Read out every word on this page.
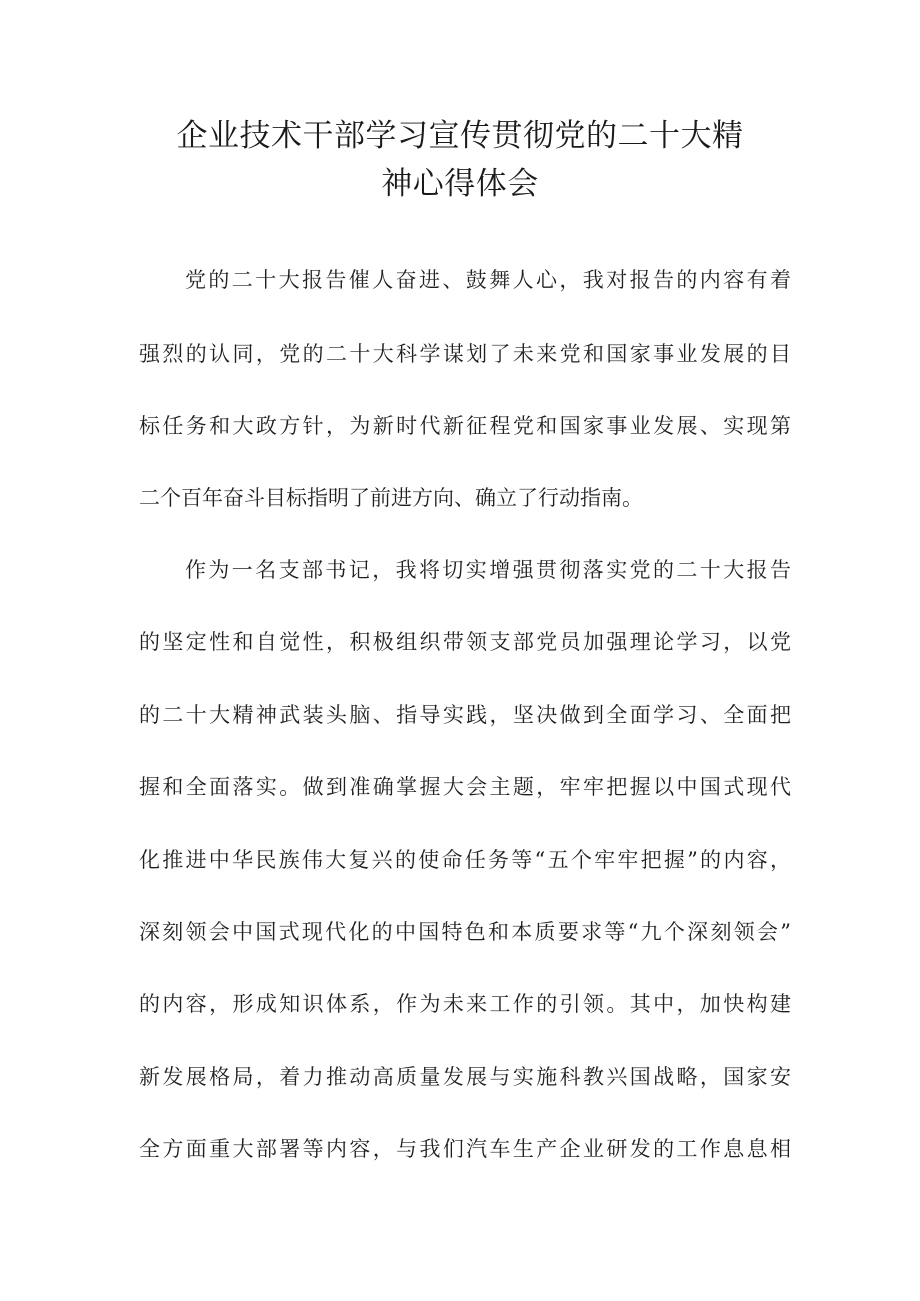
企业技术干部学习宣传贯彻党的二十大精
神心得体会
党的二十大报告催人奋进、鼓舞人心，我对报告的内容有着
强烈的认同，党的二十大科学谋划了未来党和国家事业发展的目
标任务和大政方针，为新时代新征程党和国家事业发展、实现第
二个百年奋斗目标指明了前进方向、确立了行动指南。
作为一名支部书记，我将切实增强贯彻落实党的二十大报告
的坚定性和自觉性，积极组织带领支部党员加强理论学习，以党
的二十大精神武装头脑、指导实践，坚决做到全面学习、全面把
握和全面落实。做到准确掌握大会主题，牢牢把握以中国式现代
化推进中华民族伟大复兴的使命任务等“五个牢牢把握”的内容，
深刻领会中国式现代化的中国特色和本质要求等“九个深刻领会”
的内容，形成知识体系，作为未来工作的引领。其中，加快构建
新发展格局，着力推动高质量发展与实施科教兴国战略，国家安
全方面重大部署等内容，与我们汽车生产企业研发的工作息息相
